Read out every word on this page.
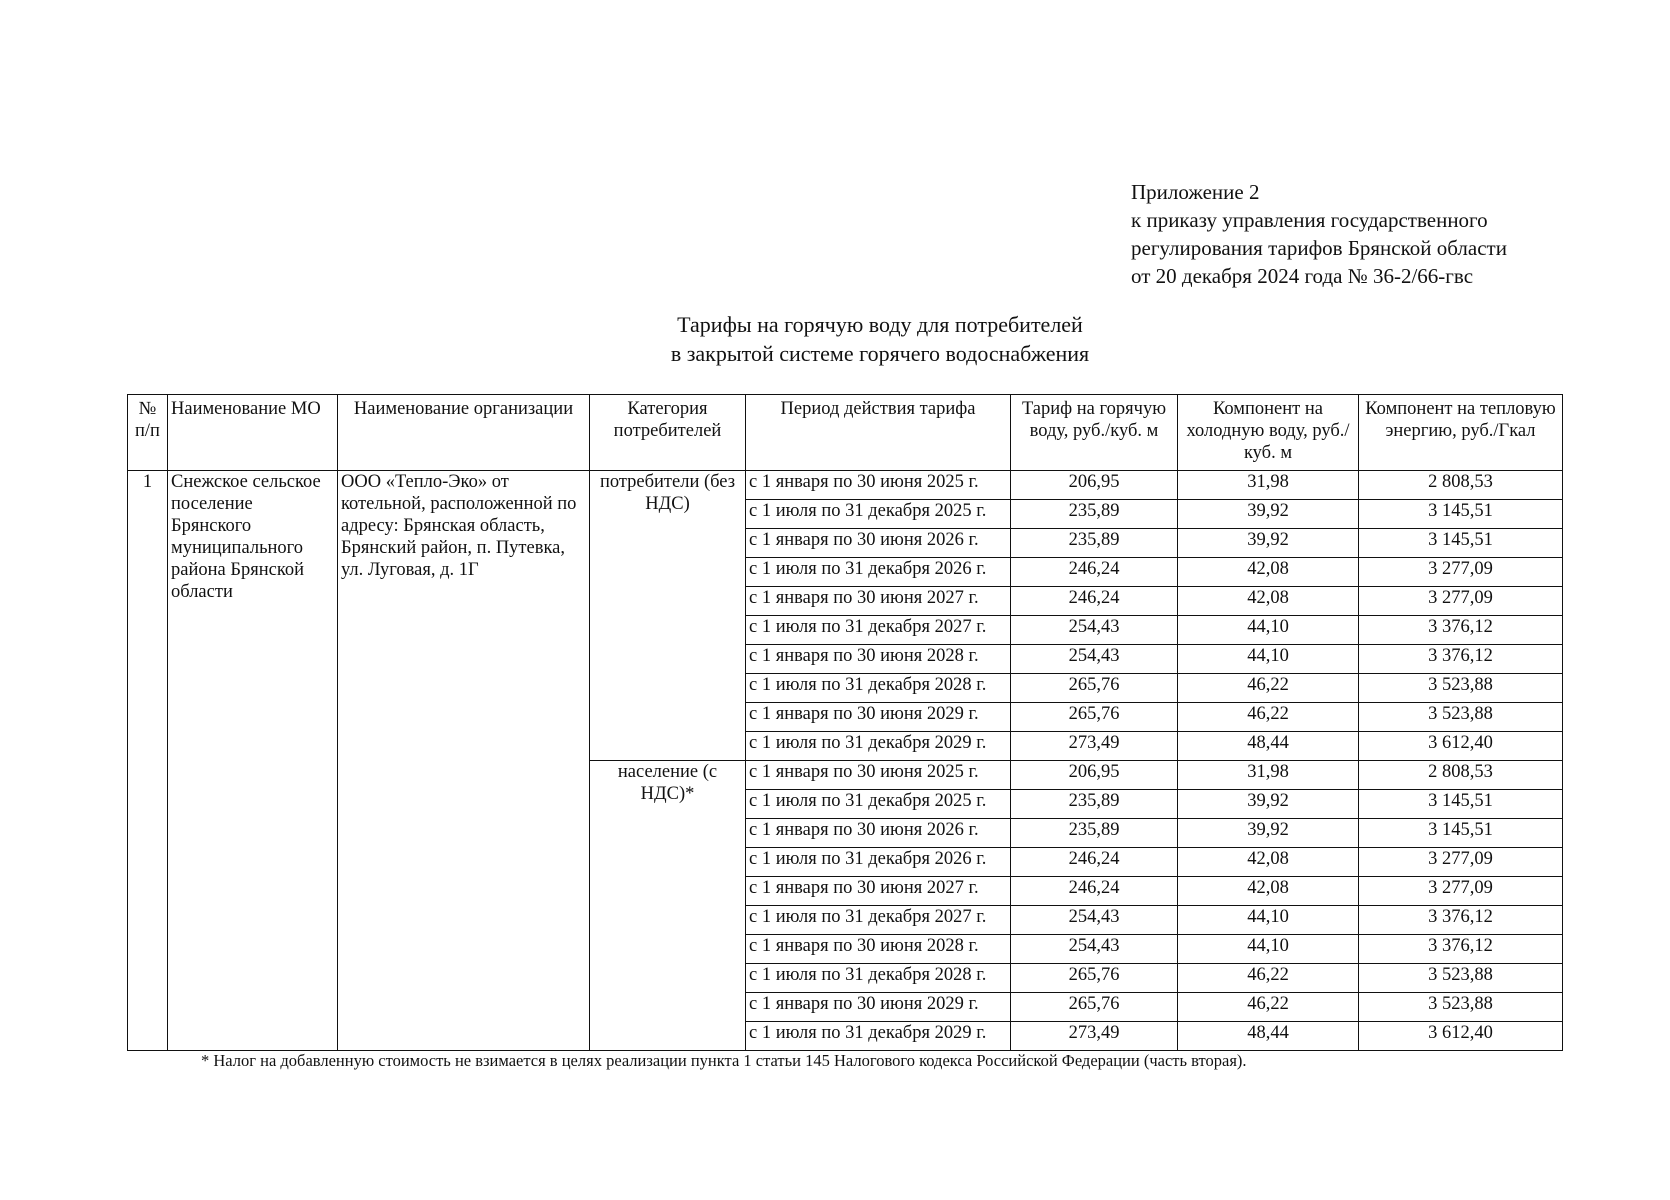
Приложение 2
к приказу управления государственного
регулирования тарифов Брянской области
от 20 декабря 2024 года № 36-2/66-гвс
Тарифы на горячую воду для потребителей
в закрытой системе горячего водоснабжения
№ п/п	Наименование МО	Наименование организации	Категория потребителей	Период действия тарифа	Тариф на горячую воду, руб./куб. м	Компонент на холодную воду, руб./куб. м	Компонент на тепловую энергию, руб./Гкал
1	Снежское сельское поселение Брянского муниципального района Брянской области	ООО «Тепло-Эко» от котельной, расположенной по адресу: Брянская область, Брянский район, п. Путевка, ул. Луговая, д. 1Г	потребители (без НДС)	с 1 января по 30 июня 2025 г.	206,95	31,98	2 808,53
				с 1 июля по 31 декабря 2025 г.	235,89	39,92	3 145,51
				с 1 января по 30 июня 2026 г.	235,89	39,92	3 145,51
				с 1 июля по 31 декабря 2026 г.	246,24	42,08	3 277,09
				с 1 января по 30 июня 2027 г.	246,24	42,08	3 277,09
				с 1 июля по 31 декабря 2027 г.	254,43	44,10	3 376,12
				с 1 января по 30 июня 2028 г.	254,43	44,10	3 376,12
				с 1 июля по 31 декабря 2028 г.	265,76	46,22	3 523,88
				с 1 января по 30 июня 2029 г.	265,76	46,22	3 523,88
				с 1 июля по 31 декабря 2029 г.	273,49	48,44	3 612,40
			население (с НДС)*	с 1 января по 30 июня 2025 г.	206,95	31,98	2 808,53
				с 1 июля по 31 декабря 2025 г.	235,89	39,92	3 145,51
				с 1 января по 30 июня 2026 г.	235,89	39,92	3 145,51
				с 1 июля по 31 декабря 2026 г.	246,24	42,08	3 277,09
				с 1 января по 30 июня 2027 г.	246,24	42,08	3 277,09
				с 1 июля по 31 декабря 2027 г.	254,43	44,10	3 376,12
				с 1 января по 30 июня 2028 г.	254,43	44,10	3 376,12
				с 1 июля по 31 декабря 2028 г.	265,76	46,22	3 523,88
				с 1 января по 30 июня 2029 г.	265,76	46,22	3 523,88
				с 1 июля по 31 декабря 2029 г.	273,49	48,44	3 612,40
* Налог на добавленную стоимость не взимается в целях реализации пункта 1 статьи 145 Налогового кодекса Российской Федерации (часть вторая).
